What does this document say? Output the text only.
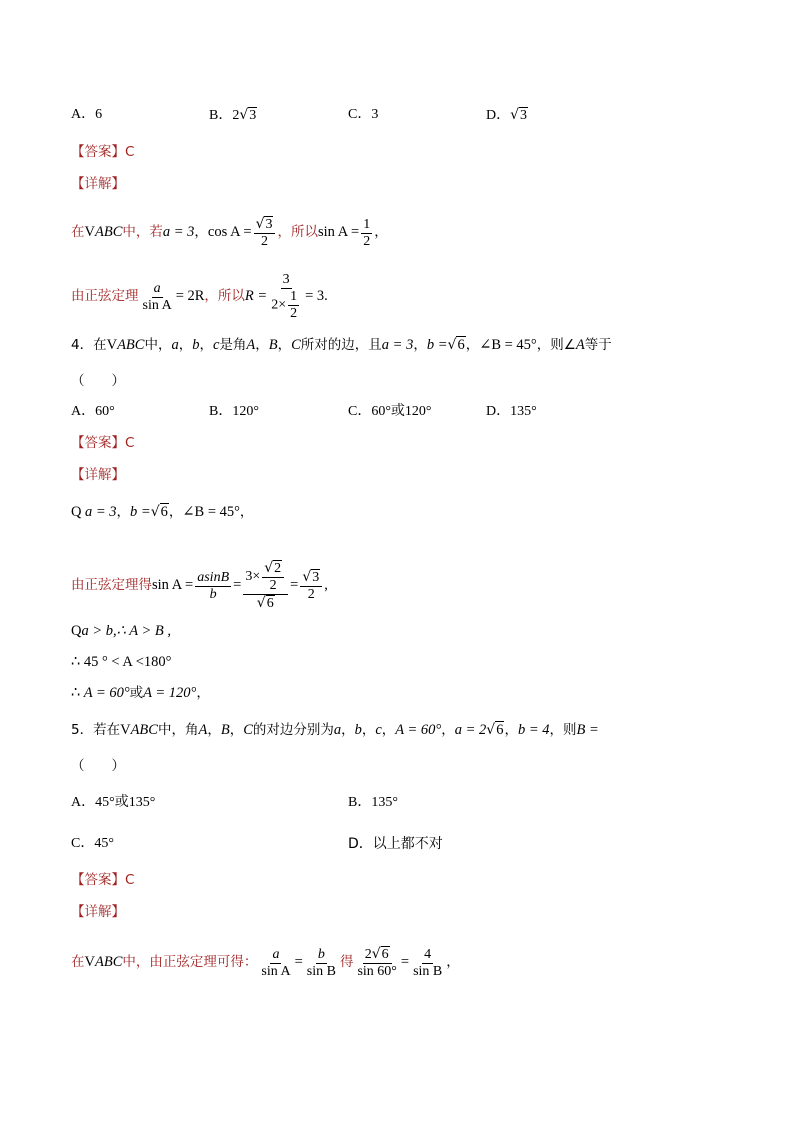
A．6	B．2√3	C．3	D．√3
【答案】C
【详解】
在VABC中，若a = 3，$\cos A = \frac{√3}{2}$ ，所以$\sin A = \frac{1}{2}$ ，
由正弦定理 $\frac{a}{\text{sin A}} = 2R$，所以$R = \frac{3}{2\times \frac{1}{2}} = 3$.
4．在VABC中，a，b，c是角A，B，C所对的边，且a = 3，b =√6，∠B = 45°，则∠A等于
（　　）
A．60°	B．120°	C．60°或120°	D．135°
【答案】C
【详解】
Q a = 3，b =√6，∠B = 45°，
由正弦定理得$\sin A = \frac{asinB}{b} = \frac{3\times \frac{√2}{2}}{√6} = \frac{√3}{2}$ ,
Qa > b,∴ A > B ,
∴ 45 ° < A <180°
∴ A = 60°或A = 120°，
5．若在VABC中，角A，B，C的对边分别为a，b，c，A = 60°，a = 2√6，b = 4，则B =
（　　）
A．45°或135°	B．135°
C．45°	D．以上都不对
【答案】C
【详解】
在VABC中，由正弦定理可得： $\frac{a}{\text{sin A}} = \frac{b}{\text{sin B}}$ 得 $\frac{2√6}{\sin 60^\circ} = \frac{4}{\text{sin B}}$ ，
